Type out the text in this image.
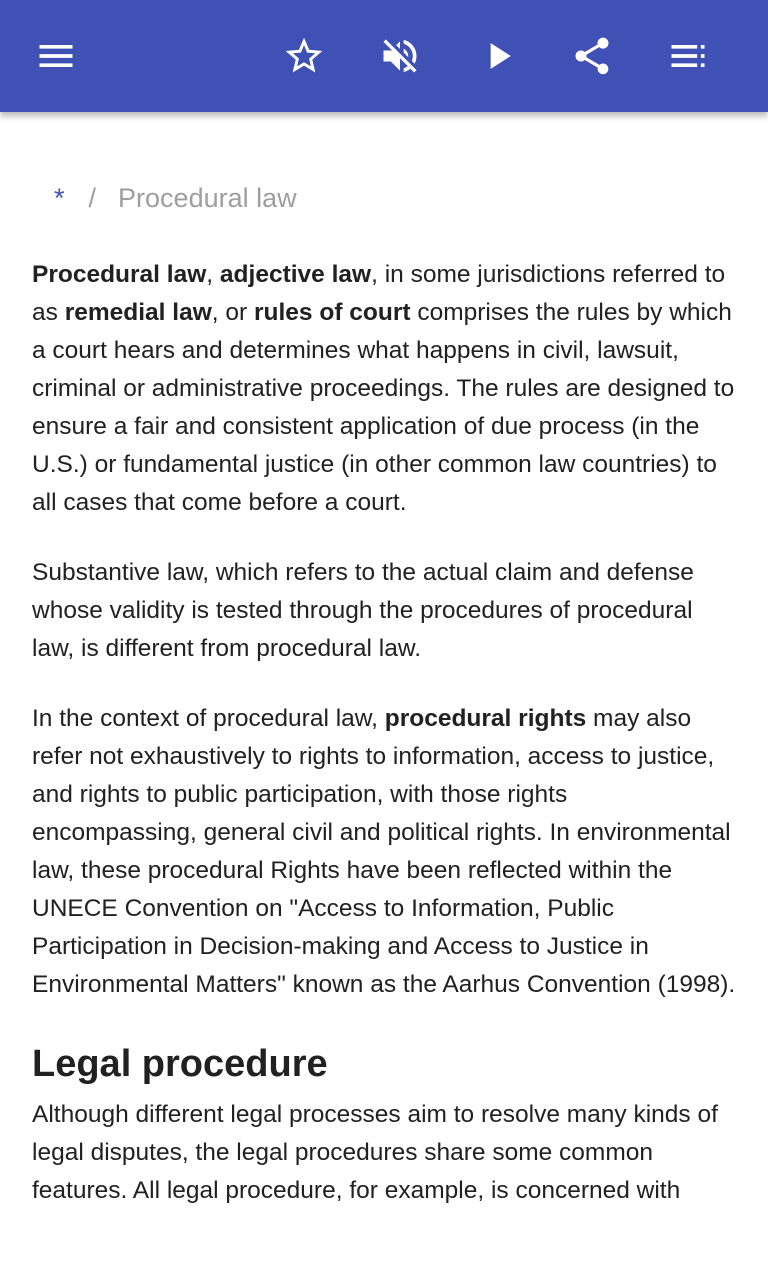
* / Procedural law

Procedural law, adjective law, in some jurisdictions referred to as remedial law, or rules of court comprises the rules by which a court hears and determines what happens in civil, lawsuit, criminal or administrative proceedings. The rules are designed to ensure a fair and consistent application of due process (in the U.S.) or fundamental justice (in other common law countries) to all cases that come before a court.

Substantive law, which refers to the actual claim and defense whose validity is tested through the procedures of procedural law, is different from procedural law.

In the context of procedural law, procedural rights may also refer not exhaustively to rights to information, access to justice, and rights to public participation, with those rights encompassing, general civil and political rights. In environmental law, these procedural Rights have been reflected within the UNECE Convention on "Access to Information, Public Participation in Decision-making and Access to Justice in Environmental Matters" known as the Aarhus Convention (1998).

Legal procedure

Although different legal processes aim to resolve many kinds of legal disputes, the legal procedures share some common features. All legal procedure, for example, is concerned with
